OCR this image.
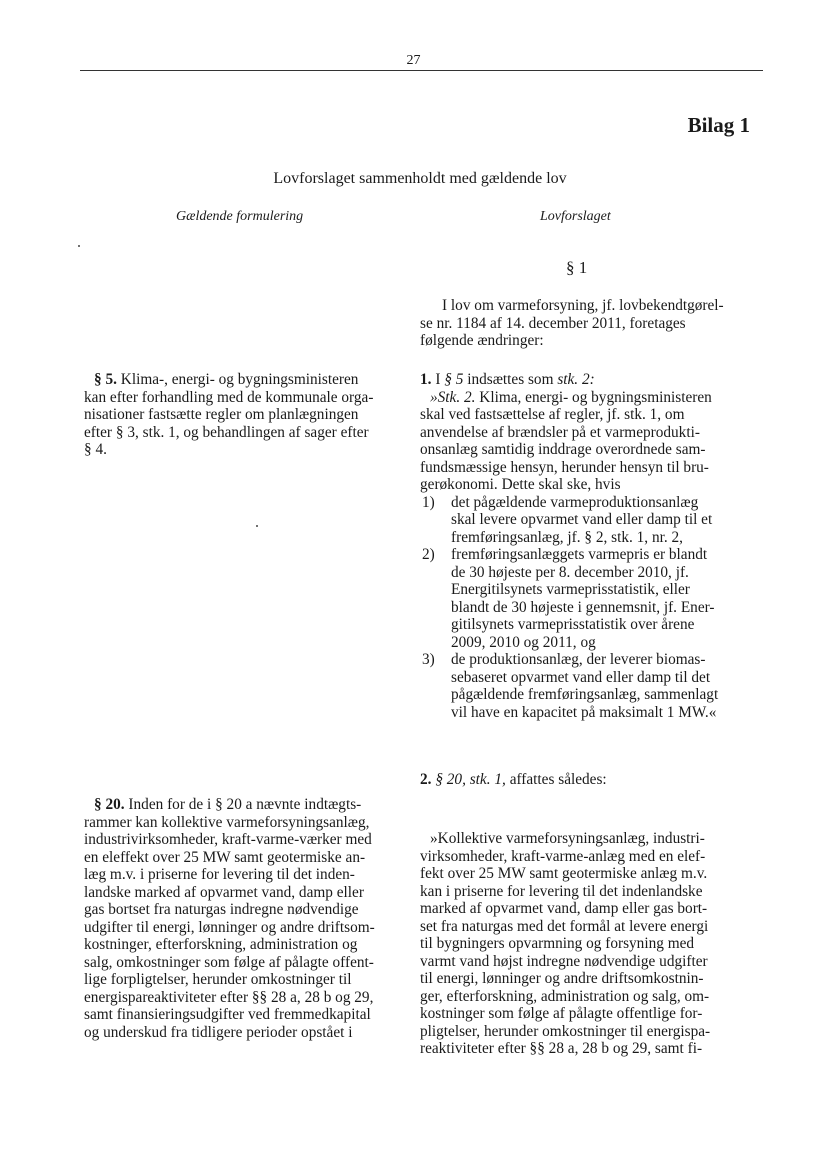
27
Bilag 1
Lovforslaget sammenholdt med gældende lov
Gældende formulering	Lovforslaget
§ 1

I lov om varmeforsyning, jf. lovbekendtgørel-
se nr. 1184 af 14. december 2011, foretages
følgende ændringer:

§ 5. Klima-, energi- og bygningsministeren
kan efter forhandling med de kommunale orga-
nisationer fastsætte regler om planlægningen
efter § 3, stk. 1, og behandlingen af sager efter
§ 4.

1. I § 5 indsættes som stk. 2:
»Stk. 2. Klima, energi- og bygningsministeren
skal ved fastsættelse af regler, jf. stk. 1, om
anvendelse af brændsler på et varmeprodukti-
onsanlæg samtidig inddrage overordnede sam-
fundsmæssige hensyn, herunder hensyn til bru-
gerøkonomi. Dette skal ske, hvis

1) det pågældende varmeproduktionsanlæg
skal levere opvarmet vand eller damp til et
fremføringsanlæg, jf. § 2, stk. 1, nr. 2,
2) fremføringsanlæggets varmepris er blandt
de 30 højeste per 8. december 2010, jf.
Energitilsynets varmeprisstatistik, eller
blandt de 30 højeste i gennemsnit, jf. Ener-
gitilsynets varmeprisstatistik over årene
2009, 2010 og 2011, og
3) de produktionsanlæg, der leverer biomas-
sebaseret opvarmet vand eller damp til det
pågældende fremføringsanlæg, sammenlagt
vil have en kapacitet på maksimalt 1 MW.«

2. § 20, stk. 1, affattes således:

§ 20. Inden for de i § 20 a nævnte indtægts-
rammer kan kollektive varmeforsyningsanlæg,
industrivirksomheder, kraft-varme-værker med
en eleffekt over 25 MW samt geotermiske an-
læg m.v. i priserne for levering til det inden-
landske marked af opvarmet vand, damp eller
gas bortset fra naturgas indregne nødvendige
udgifter til energi, lønninger og andre driftsom-
kostninger, efterforskning, administration og
salg, omkostninger som følge af pålagte offent-
lige forpligtelser, herunder omkostninger til
energispareaktiviteter efter §§ 28 a, 28 b og 29,
samt finansieringsudgifter ved fremmedkapital
og underskud fra tidligere perioder opstået i

»Kollektive varmeforsyningsanlæg, industri-
virksomheder, kraft-varme-anlæg med en elef-
fekt over 25 MW samt geotermiske anlæg m.v.
kan i priserne for levering til det indenlandske
marked af opvarmet vand, damp eller gas bort-
set fra naturgas med det formål at levere energi
til bygningers opvarmning og forsyning med
varmt vand højst indregne nødvendige udgifter
til energi, lønninger og andre driftsomkostnin-
ger, efterforskning, administration og salg, om-
kostninger som følge af pålagte offentlige for-
pligtelser, herunder omkostninger til energispa-
reaktiviteter efter §§ 28 a, 28 b og 29, samt fi-
